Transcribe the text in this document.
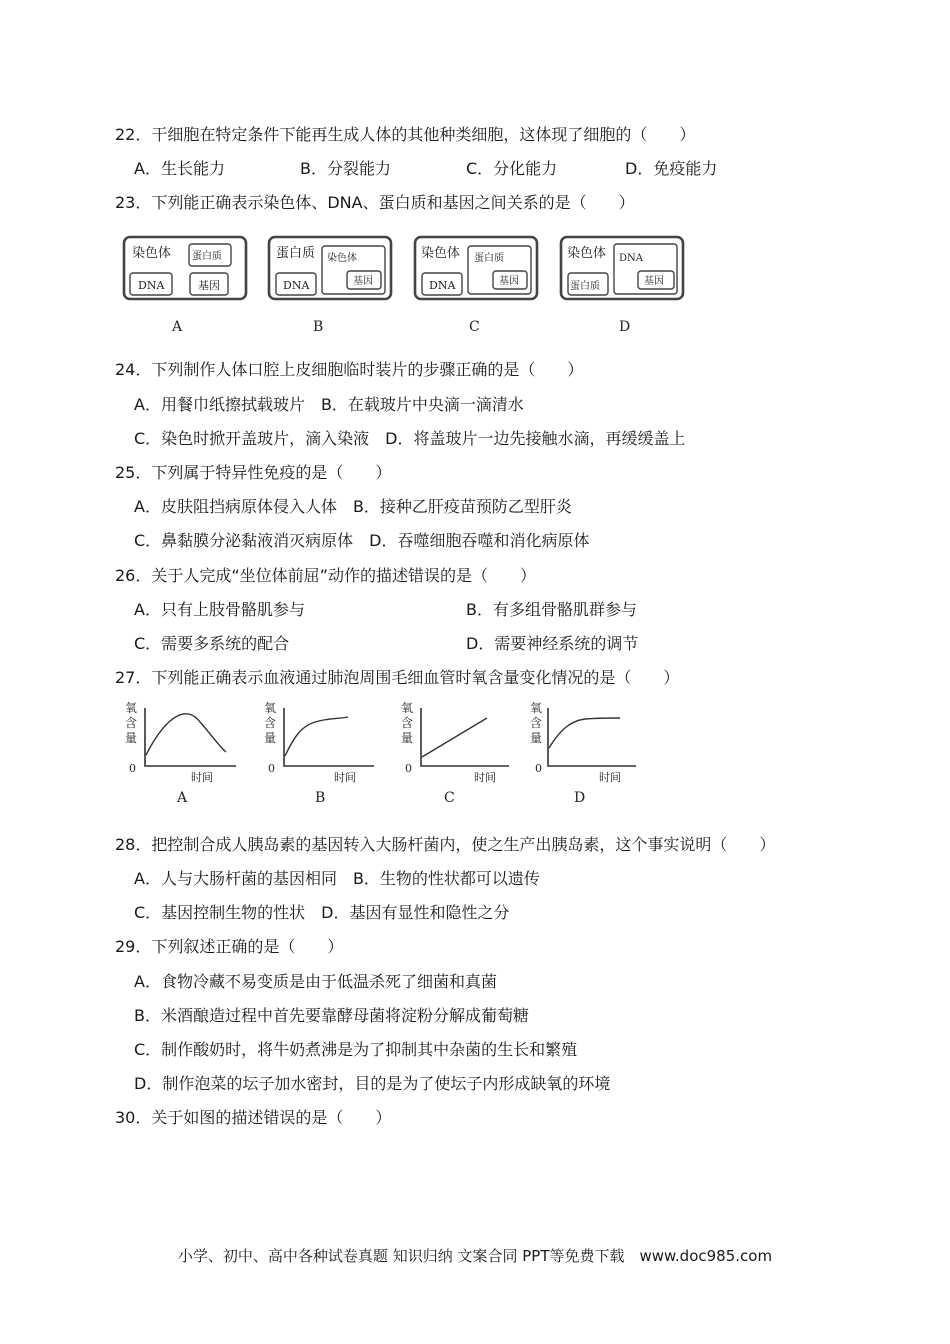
22．干细胞在特定条件下能再生成人体的其他种类细胞，这体现了细胞的（　　）
A．生长能力	B．分裂能力	C．分化能力	D．免疫能力
23．下列能正确表示染色体、DNA、蛋白质和基因之间关系的是（　　）
染色体 蛋白质
DNA	基因
A
蛋白质 染色体
DNA	基因
B
染色体 蛋白质
DNA	基因
C
染色体 DNA
蛋白质	基因
D
氧
含
量
0
时间
A
氧
含
量
0
时间
B
氧
含
量
0
时间
C
氧
含
量
0
时间
D
24．下列制作人体口腔上皮细胞临时装片的步骤正确的是（　　）
A．用餐巾纸擦拭载玻片　B．在载玻片中央滴一滴清水
C．染色时掀开盖玻片，滴入染液　D．将盖玻片一边先接触水滴，再缓缓盖上
25．下列属于特异性免疫的是（　　）
A．皮肤阻挡病原体侵入人体　B．接种乙肝疫苗预防乙型肝炎
C．鼻黏膜分泌黏液消灭病原体　D．吞噬细胞吞噬和消化病原体
26．关于人完成“坐位体前屈”动作的描述错误的是（　　）
A．只有上肢骨骼肌参与	B．有多组骨骼肌群参与
C．需要多系统的配合	D．需要神经系统的调节
27．下列能正确表示血液通过肺泡周围毛细血管时氧含量变化情况的是（　　）
28．把控制合成人胰岛素的基因转入大肠杆菌内，使之生产出胰岛素，这个事实说明（　　）
A．人与大肠杆菌的基因相同　B．生物的性状都可以遗传
C．基因控制生物的性状　D．基因有显性和隐性之分
29．下列叙述正确的是（　　）
A．食物冷藏不易变质是由于低温杀死了细菌和真菌
B．米酒酿造过程中首先要靠酵母菌将淀粉分解成葡萄糖
C．制作酸奶时，将牛奶煮沸是为了抑制其中杂菌的生长和繁殖
D．制作泡菜的坛子加水密封，目的是为了使坛子内形成缺氧的环境
30．关于如图的描述错误的是（　　）
小学、初中、高中各种试卷真题 知识归纳 文案合同 PPT等免费下载　www.doc985.com
